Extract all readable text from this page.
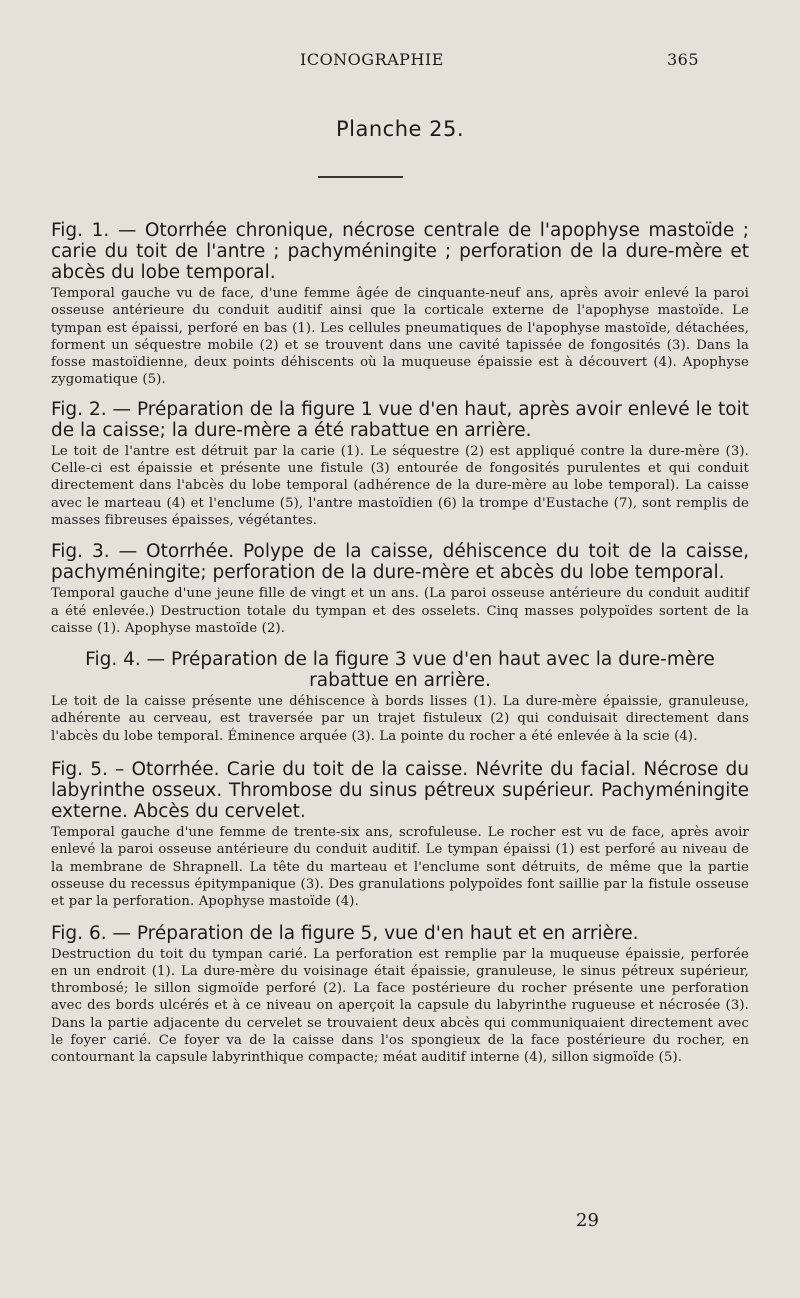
ICONOGRAPHIE	365
Planche 25.

Fig. 1. — Otorrhée chronique, nécrose centrale de l'apophyse mastoïde ; carie du toit de l'antre ; pachyméningite ; perforation de la dure-mère et abcès du lobe temporal.

Temporal gauche vu de face, d'une femme âgée de cinquante-neuf ans, après avoir enlevé la paroi osseuse antérieure du conduit auditif ainsi que la corticale externe de l'apophyse mastoïde. Le tympan est épaissi, perforé en bas (1). Les cellules pneumatiques de l'apophyse mastoïde, détachées, forment un séquestre mobile (2) et se trouvent dans une cavité tapissée de fongosités (3). Dans la fosse mastoïdienne, deux points déhiscents où la muqueuse épaissie est à découvert (4). Apophyse zygomatique (5).

Fig. 2. — Préparation de la figure 1 vue d'en haut, après avoir enlevé le toit de la caisse; la dure-mère a été rabattue en arrière.

Le toit de l'antre est détruit par la carie (1). Le séquestre (2) est appliqué contre la dure-mère (3). Celle-ci est épaissie et présente une fistule (3) entourée de fongosités purulentes et qui conduit directement dans l'abcès du lobe temporal (adhérence de la dure-mère au lobe temporal). La caisse avec le marteau (4) et l'enclume (5), l'antre mastoïdien (6) la trompe d'Eustache (7), sont remplis de masses fibreuses épaisses, végétantes.

Fig. 3. — Otorrhée. Polype de la caisse, déhiscence du toit de la caisse, pachyméningite; perforation de la dure-mère et abcès du lobe temporal.

Temporal gauche d'une jeune fille de vingt et un ans. (La paroi osseuse antérieure du conduit auditif a été enlevée.) Destruction totale du tympan et des osselets. Cinq masses polypoïdes sortent de la caisse (1). Apophyse mastoïde (2).

Fig. 4. — Préparation de la figure 3 vue d'en haut avec la dure-mère rabattue en arrière.

Le toit de la caisse présente une déhiscence à bords lisses (1). La dure-mère épaissie, granuleuse, adhérente au cerveau, est traversée par un trajet fistuleux (2) qui conduisait directement dans l'abcès du lobe temporal. Éminence arquée (3). La pointe du rocher a été enlevée à la scie (4).

Fig. 5. – Otorrhée. Carie du toit de la caisse. Névrite du facial. Nécrose du labyrinthe osseux. Thrombose du sinus pétreux supérieur. Pachyméningite externe. Abcès du cervelet.

Temporal gauche d'une femme de trente-six ans, scrofuleuse. Le rocher est vu de face, après avoir enlevé la paroi osseuse antérieure du conduit auditif. Le tympan épaissi (1) est perforé au niveau de la membrane de Shrapnell. La tête du marteau et l'enclume sont détruits, de même que la partie osseuse du recessus épitympanique (3). Des granulations polypoïdes font saillie par la fistule osseuse et par la perforation. Apophyse mastoïde (4).

Fig. 6. — Préparation de la figure 5, vue d'en haut et en arrière.

Destruction du toit du tympan carié. La perforation est remplie par la muqueuse épaissie, perforée en un endroit (1). La dure-mère du voisinage était épaissie, granuleuse, le sinus pétreux supérieur, thrombosé; le sillon sigmoïde perforé (2). La face postérieure du rocher présente une perforation avec des bords ulcérés et à ce niveau on aperçoit la capsule du labyrinthe rugueuse et nécrosée (3). Dans la partie adjacente du cervelet se trouvaient deux abcès qui communiquaient directement avec le foyer carié. Ce foyer va de la caisse dans l'os spongieux de la face postérieure du rocher, en contournant la capsule labyrinthique compacte; méat auditif interne (4), sillon sigmoïde (5).

29
